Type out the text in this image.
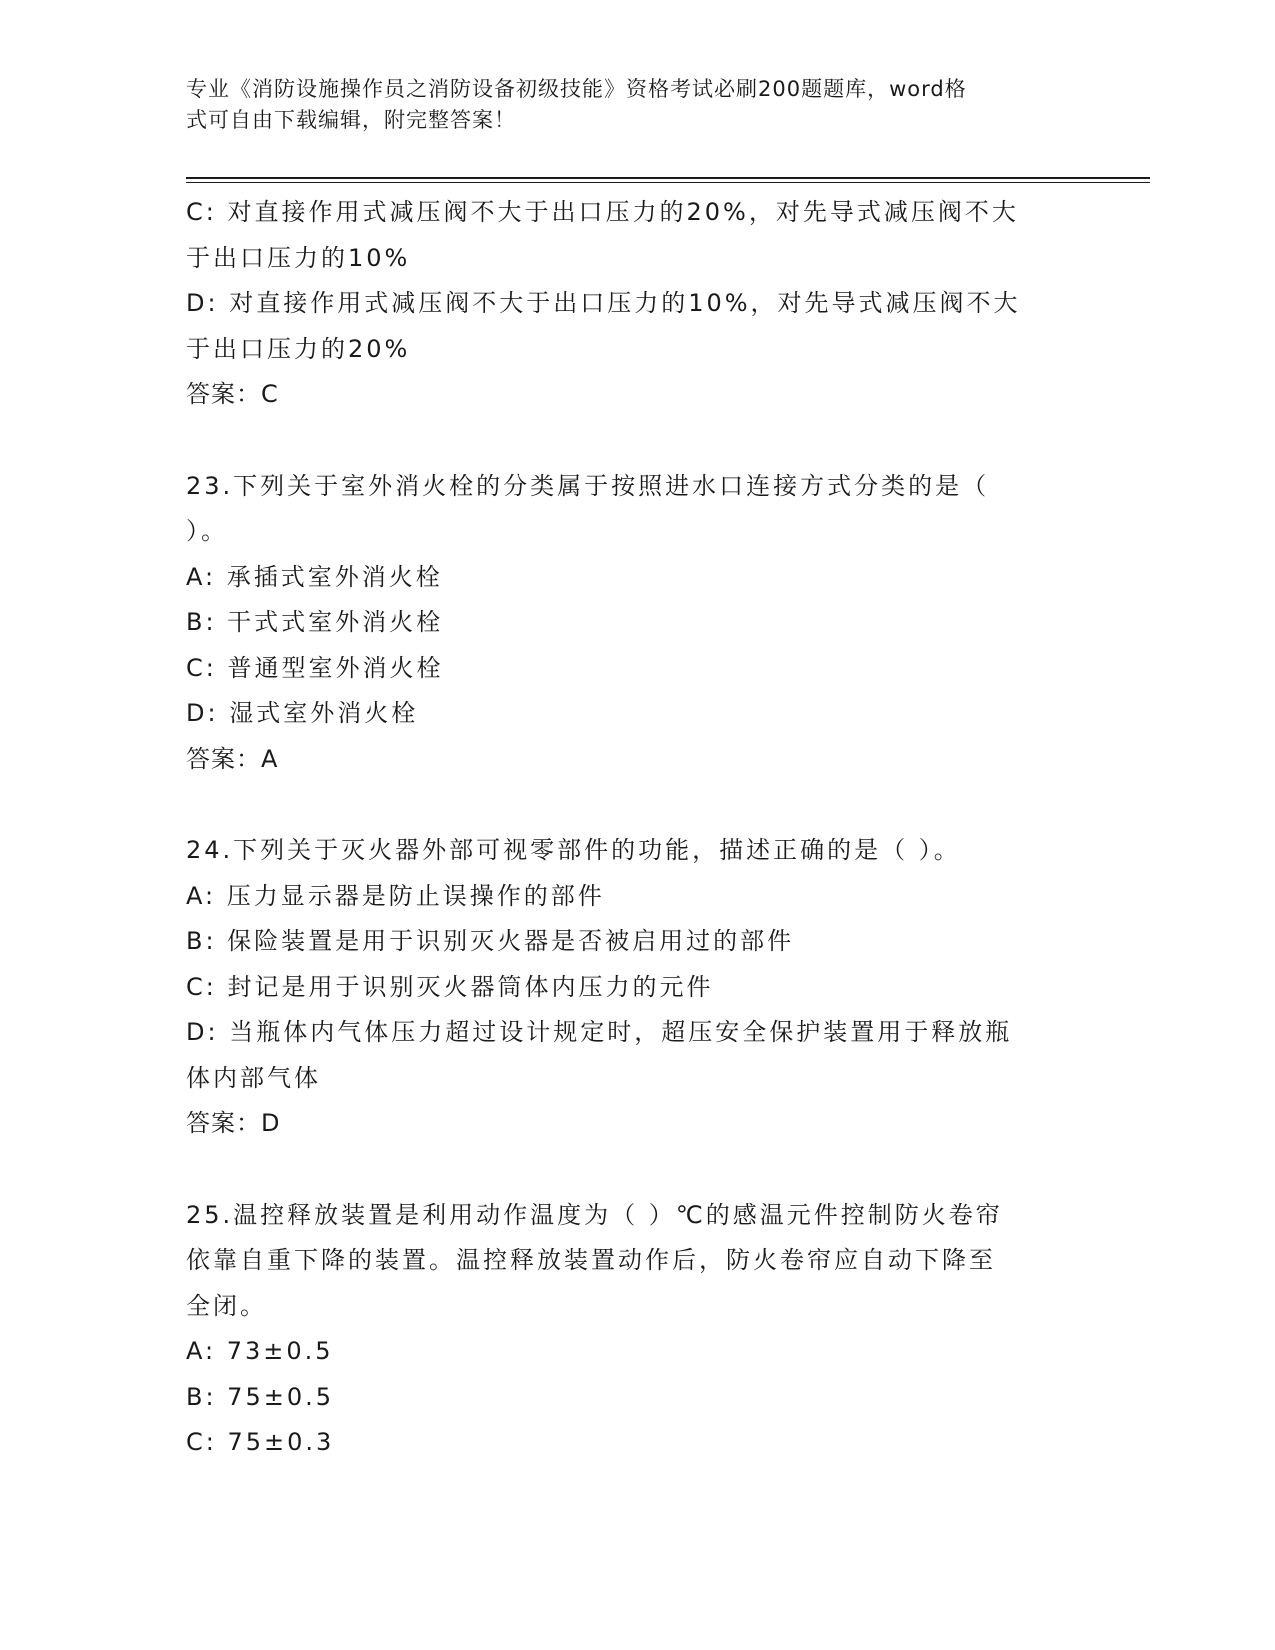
专业《消防设施操作员之消防设备初级技能》资格考试必刷200题题库，word格
式可自由下载编辑，附完整答案！
C: 对直接作用式减压阀不大于出口压力的20%，对先导式减压阀不大
于出口压力的10%
D: 对直接作用式减压阀不大于出口压力的10%，对先导式减压阀不大
于出口压力的20%
答案：C
23.下列关于室外消火栓的分类属于按照进水口连接方式分类的是（
）。
A: 承插式室外消火栓
B: 干式式室外消火栓
C: 普通型室外消火栓
D: 湿式室外消火栓
答案：A
24.下列关于灭火器外部可视零部件的功能，描述正确的是（ ）。
A: 压力显示器是防止误操作的部件
B: 保险装置是用于识别灭火器是否被启用过的部件
C: 封记是用于识别灭火器筒体内压力的元件
D: 当瓶体内气体压力超过设计规定时，超压安全保护装置用于释放瓶
体内部气体
答案：D
25.温控释放装置是利用动作温度为（ ）℃的感温元件控制防火卷帘
依靠自重下降的装置。温控释放装置动作后，防火卷帘应自动下降至
全闭。
A: 73±0.5
B: 75±0.5
C: 75±0.3
